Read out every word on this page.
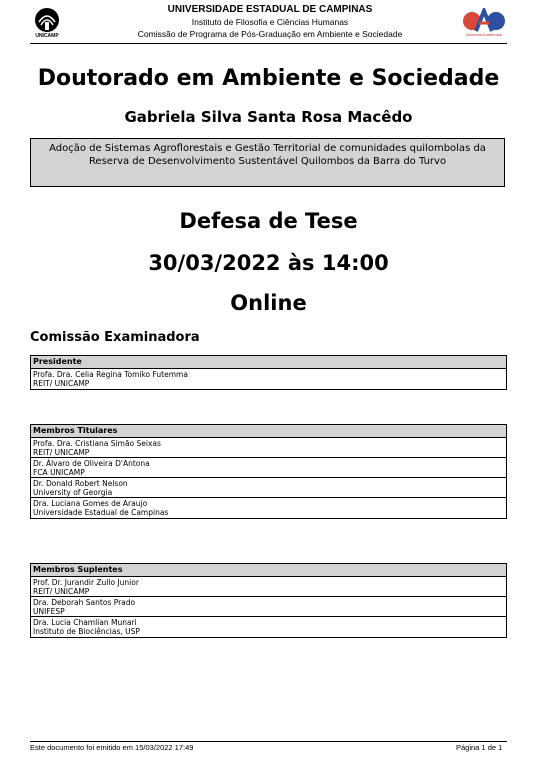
UNICAMP	Diretoria Acadêmica
UNIVERSIDADE ESTADUAL DE CAMPINAS
Instituto de Filosofia e Ciências Humanas
Comissão de Programa de Pós-Graduação em Ambiente e Sociedade
Doutorado em Ambiente e Sociedade
Gabriela Silva Santa Rosa Macêdo
Adoção de Sistemas Agroflorestais e Gestão Territorial de comunidades quilombolas da Reserva de Desenvolvimento Sustentável Quilombos da Barra do Turvo
Defesa de Tese
30/03/2022 às 14:00
Online
Comissão Examinadora
Presidente
Profa. Dra. Celia Regina Tomiko Futemma
REIT/ UNICAMP
Membros Titulares
Profa. Dra. Cristiana Simão Seixas
REIT/ UNICAMP
Dr. Álvaro de Oliveira D'Antona
FCA UNICAMP
Dr. Donald Robert Nelson
University of Georgia
Dra. Luciana Gomes de Araujo
Universidade Estadual de Campinas
Membros Suplentes
Prof. Dr. Jurandir Zullo Junior
REIT/ UNICAMP
Dra. Deborah Santos Prado
UNIFESP
Dra. Lucia Chamlian Munari
Instituto de Biociências, USP
Este documento foi emitido em 15/03/2022 17:49	Página 1 de 1
